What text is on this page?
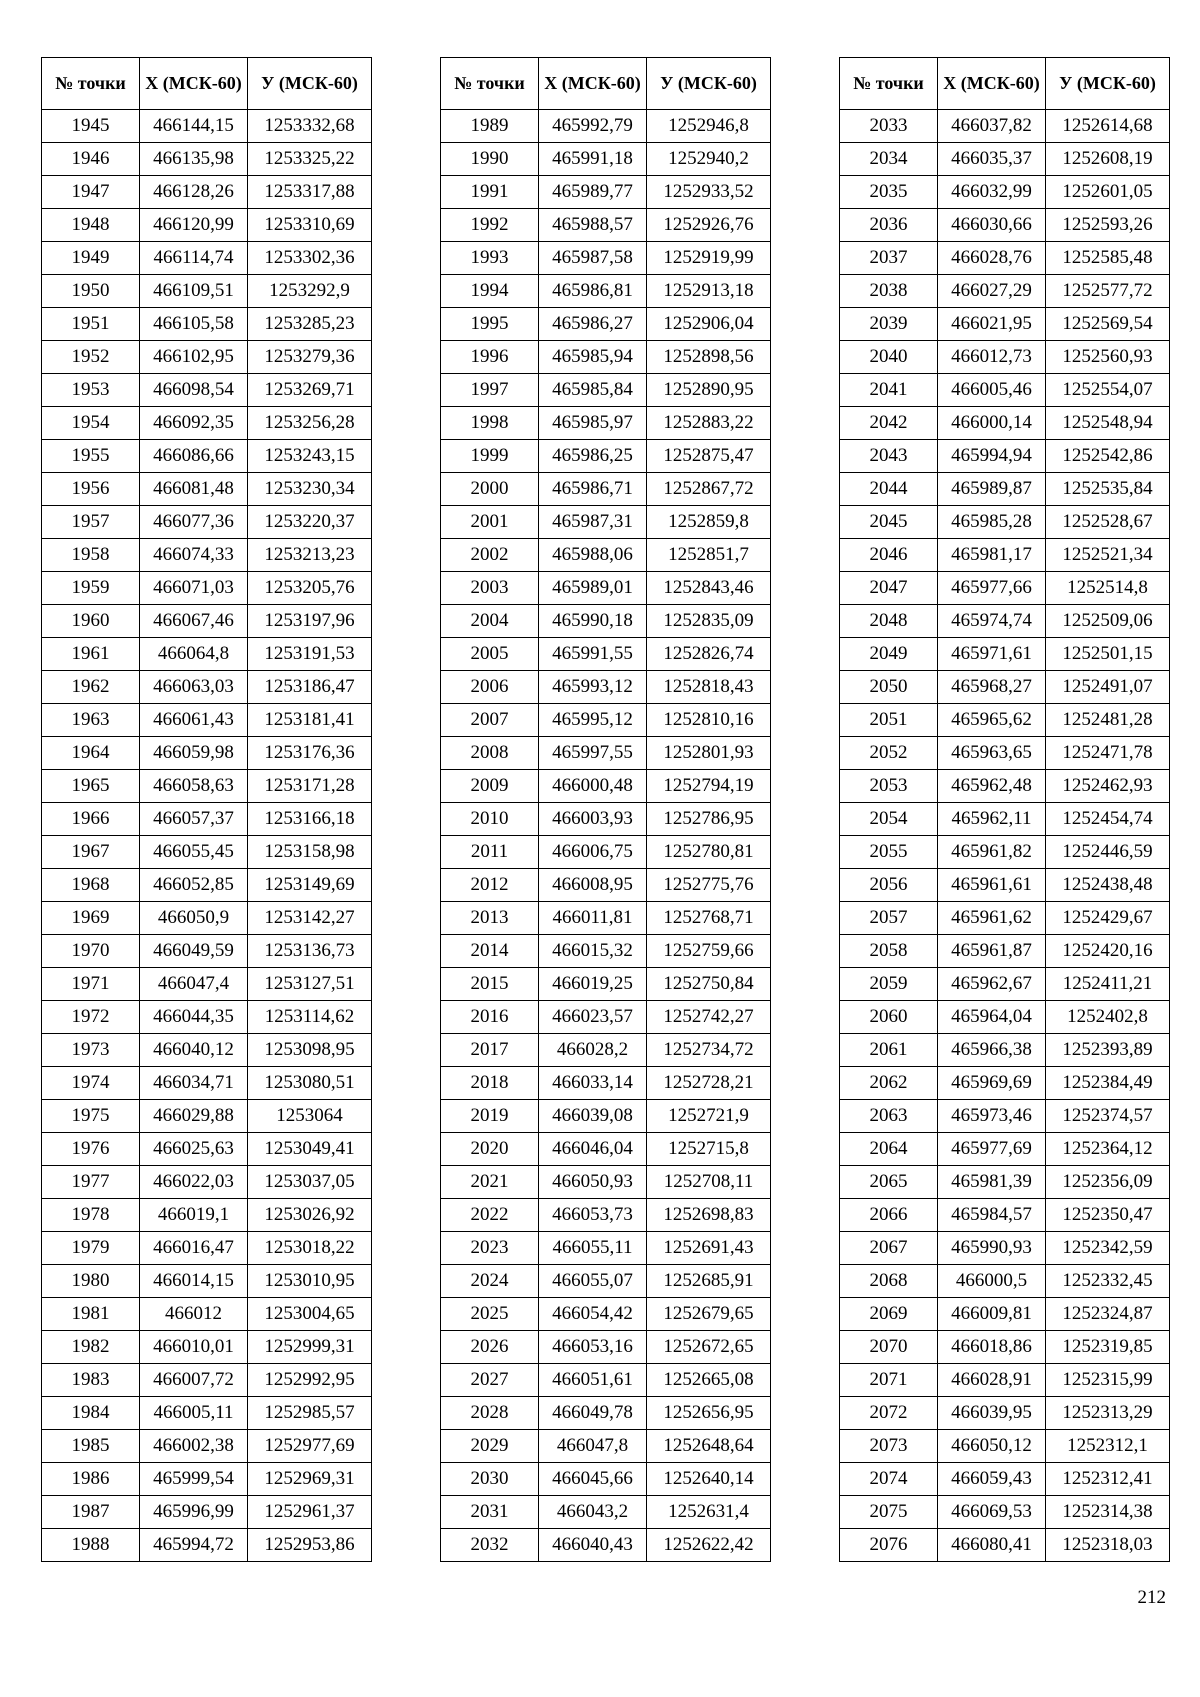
№ точки	Х (МСК-60)	У (МСК-60)
1945	466144,15	1253332,68
1946	466135,98	1253325,22
1947	466128,26	1253317,88
1948	466120,99	1253310,69
1949	466114,74	1253302,36
1950	466109,51	1253292,9
1951	466105,58	1253285,23
1952	466102,95	1253279,36
1953	466098,54	1253269,71
1954	466092,35	1253256,28
1955	466086,66	1253243,15
1956	466081,48	1253230,34
1957	466077,36	1253220,37
1958	466074,33	1253213,23
1959	466071,03	1253205,76
1960	466067,46	1253197,96
1961	466064,8	1253191,53
1962	466063,03	1253186,47
1963	466061,43	1253181,41
1964	466059,98	1253176,36
1965	466058,63	1253171,28
1966	466057,37	1253166,18
1967	466055,45	1253158,98
1968	466052,85	1253149,69
1969	466050,9	1253142,27
1970	466049,59	1253136,73
1971	466047,4	1253127,51
1972	466044,35	1253114,62
1973	466040,12	1253098,95
1974	466034,71	1253080,51
1975	466029,88	1253064
1976	466025,63	1253049,41
1977	466022,03	1253037,05
1978	466019,1	1253026,92
1979	466016,47	1253018,22
1980	466014,15	1253010,95
1981	466012	1253004,65
1982	466010,01	1252999,31
1983	466007,72	1252992,95
1984	466005,11	1252985,57
1985	466002,38	1252977,69
1986	465999,54	1252969,31
1987	465996,99	1252961,37
1988	465994,72	1252953,86
№ точки	Х (МСК-60)	У (МСК-60)
1989	465992,79	1252946,8
1990	465991,18	1252940,2
1991	465989,77	1252933,52
1992	465988,57	1252926,76
1993	465987,58	1252919,99
1994	465986,81	1252913,18
1995	465986,27	1252906,04
1996	465985,94	1252898,56
1997	465985,84	1252890,95
1998	465985,97	1252883,22
1999	465986,25	1252875,47
2000	465986,71	1252867,72
2001	465987,31	1252859,8
2002	465988,06	1252851,7
2003	465989,01	1252843,46
2004	465990,18	1252835,09
2005	465991,55	1252826,74
2006	465993,12	1252818,43
2007	465995,12	1252810,16
2008	465997,55	1252801,93
2009	466000,48	1252794,19
2010	466003,93	1252786,95
2011	466006,75	1252780,81
2012	466008,95	1252775,76
2013	466011,81	1252768,71
2014	466015,32	1252759,66
2015	466019,25	1252750,84
2016	466023,57	1252742,27
2017	466028,2	1252734,72
2018	466033,14	1252728,21
2019	466039,08	1252721,9
2020	466046,04	1252715,8
2021	466050,93	1252708,11
2022	466053,73	1252698,83
2023	466055,11	1252691,43
2024	466055,07	1252685,91
2025	466054,42	1252679,65
2026	466053,16	1252672,65
2027	466051,61	1252665,08
2028	466049,78	1252656,95
2029	466047,8	1252648,64
2030	466045,66	1252640,14
2031	466043,2	1252631,4
2032	466040,43	1252622,42
№ точки	Х (МСК-60)	У (МСК-60)
2033	466037,82	1252614,68
2034	466035,37	1252608,19
2035	466032,99	1252601,05
2036	466030,66	1252593,26
2037	466028,76	1252585,48
2038	466027,29	1252577,72
2039	466021,95	1252569,54
2040	466012,73	1252560,93
2041	466005,46	1252554,07
2042	466000,14	1252548,94
2043	465994,94	1252542,86
2044	465989,87	1252535,84
2045	465985,28	1252528,67
2046	465981,17	1252521,34
2047	465977,66	1252514,8
2048	465974,74	1252509,06
2049	465971,61	1252501,15
2050	465968,27	1252491,07
2051	465965,62	1252481,28
2052	465963,65	1252471,78
2053	465962,48	1252462,93
2054	465962,11	1252454,74
2055	465961,82	1252446,59
2056	465961,61	1252438,48
2057	465961,62	1252429,67
2058	465961,87	1252420,16
2059	465962,67	1252411,21
2060	465964,04	1252402,8
2061	465966,38	1252393,89
2062	465969,69	1252384,49
2063	465973,46	1252374,57
2064	465977,69	1252364,12
2065	465981,39	1252356,09
2066	465984,57	1252350,47
2067	465990,93	1252342,59
2068	466000,5	1252332,45
2069	466009,81	1252324,87
2070	466018,86	1252319,85
2071	466028,91	1252315,99
2072	466039,95	1252313,29
2073	466050,12	1252312,1
2074	466059,43	1252312,41
2075	466069,53	1252314,38
2076	466080,41	1252318,03
212
